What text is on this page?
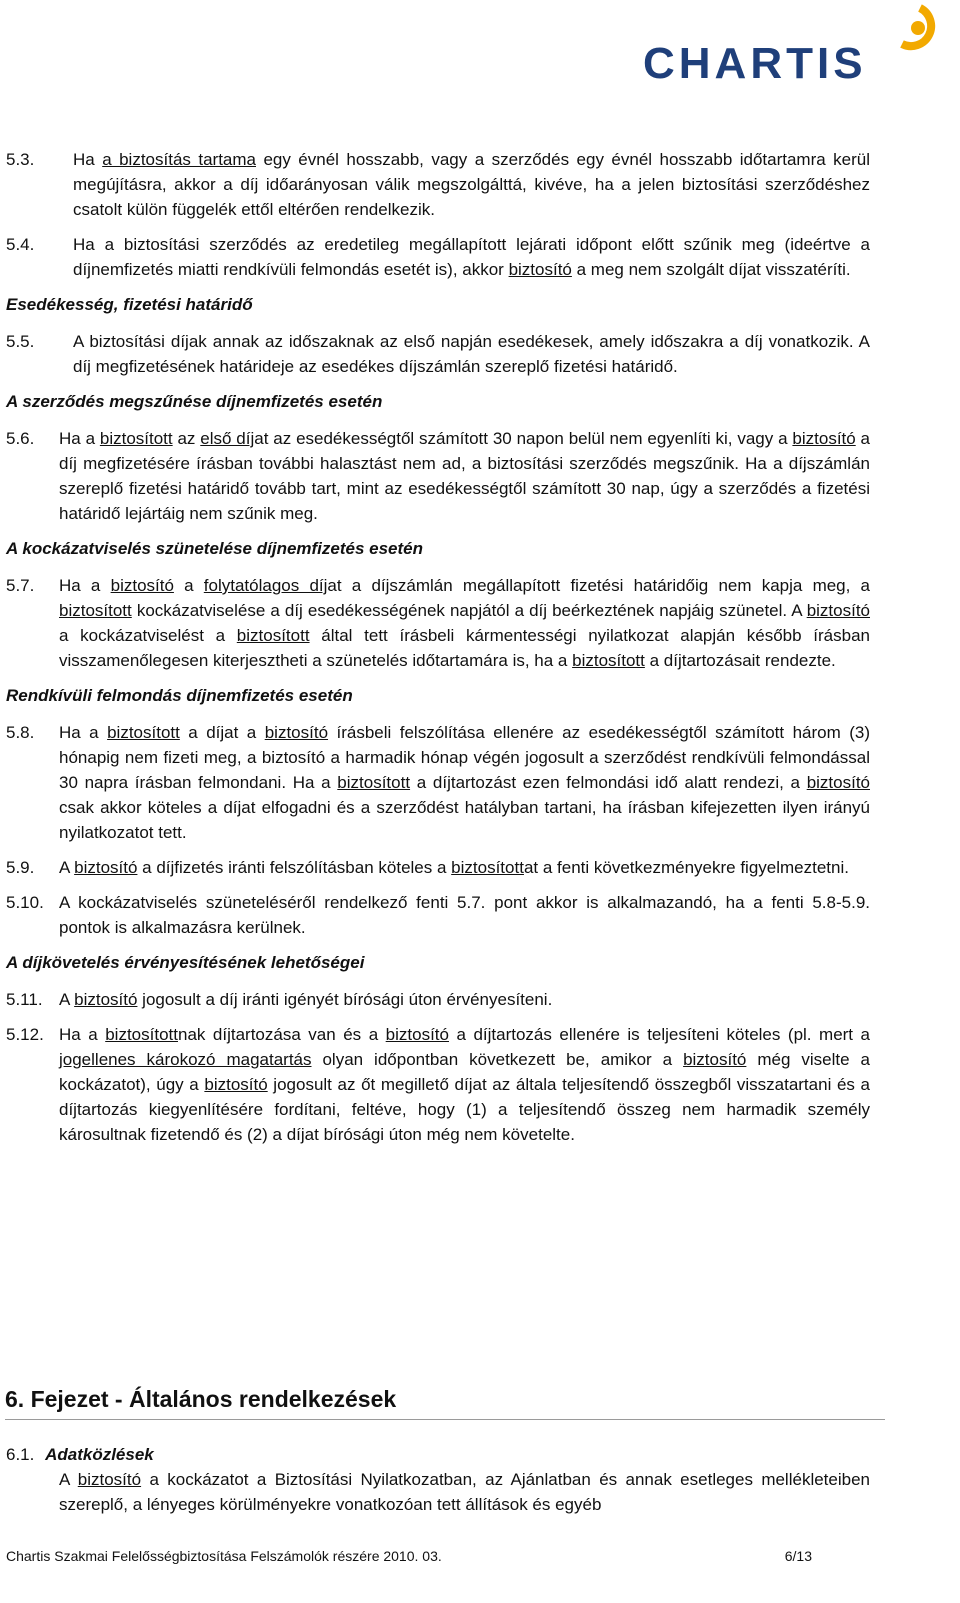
CHARTIS
5.3.	Ha a biztosítás tartama egy évnél hosszabb, vagy a szerződés egy évnél hosszabb időtartamra kerül megújításra, akkor a díj időarányosan válik megszolgálttá, kivéve, ha a jelen biztosítási szerződéshez csatolt külön függelék ettől eltérően rendelkezik.
5.4.	Ha a biztosítási szerződés az eredetileg megállapított lejárati időpont előtt szűnik meg (ideértve a díjnemfizetés miatti rendkívüli felmondás esetét is), akkor biztosító a meg nem szolgált díjat visszatéríti.
Esedékesség, fizetési határidő
5.5.	A biztosítási díjak annak az időszaknak az első napján esedékesek, amely időszakra a díj vonatkozik. A díj megfizetésének határideje az esedékes díjszámlán szereplő fizetési határidő.
A szerződés megszűnése díjnemfizetés esetén
5.6.	Ha a biztosított az első díjat az esedékességtől számított 30 napon belül nem egyenlíti ki, vagy a biztosító a díj megfizetésére írásban további halasztást nem ad, a biztosítási szerződés megszűnik. Ha a díjszámlán szereplő fizetési határidő tovább tart, mint az esedékességtől számított 30 nap, úgy a szerződés a fizetési határidő lejártáig nem szűnik meg.
A kockázatviselés szünetelése díjnemfizetés esetén
5.7.	Ha a biztosító a folytatólagos díjat a díjszámlán megállapított fizetési határidőig nem kapja meg, a biztosított kockázatviselése a díj esedékességének napjától a díj beérkeztének napjáig szünetel. A biztosító a kockázatviselést a biztosított által tett írásbeli kármentességi nyilatkozat alapján később írásban visszamenőlegesen kiterjesztheti a szünetelés időtartamára is, ha a biztosított a díjtartozásait rendezte.
Rendkívüli felmondás díjnemfizetés esetén
5.8.	Ha a biztosított a díjat a biztosító írásbeli felszólítása ellenére az esedékességtől számított három (3) hónapig nem fizeti meg, a biztosító a harmadik hónap végén jogosult a szerződést rendkívüli felmondással 30 napra írásban felmondani. Ha a biztosított a díjtartozást ezen felmondási idő alatt rendezi, a biztosító csak akkor köteles a díjat elfogadni és a szerződést hatályban tartani, ha írásban kifejezetten ilyen irányú nyilatkozatot tett.
5.9.	A biztosító a díjfizetés iránti felszólításban köteles a biztosítottat a fenti következményekre figyelmeztetni.
5.10. A kockázatviselés szüneteléséről rendelkező fenti 5.7. pont akkor is alkalmazandó, ha a fenti 5.8-5.9. pontok is alkalmazásra kerülnek.
A díjkövetelés érvényesítésének lehetőségei
5.11. A biztosító jogosult a díj iránti igényét bírósági úton érvényesíteni.
5.12. Ha a biztosítottnak díjtartozása van és a biztosító a díjtartozás ellenére is teljesíteni köteles (pl. mert a jogellenes károkozó magatartás olyan időpontban következett be, amikor a biztosító még viselte a kockázatot), úgy a biztosító jogosult az őt megillető díjat az általa teljesítendő összegből visszatartani és a díjtartozás kiegyenlítésére fordítani, feltéve, hogy (1) a teljesítendő összeg nem harmadik személy károsultnak fizetendő és (2) a díjat bírósági úton még nem követelte.
6. Fejezet - Általános rendelkezések
6.1. Adatközlések
A biztosító a kockázatot a Biztosítási Nyilatkozatban, az Ajánlatban és annak esetleges mellékleteiben szereplő, a lényeges körülményekre vonatkozóan tett állítások és egyéb
Chartis Szakmai Felelősségbiztosítása Felszámolók részére 2010. 03.	6/13
